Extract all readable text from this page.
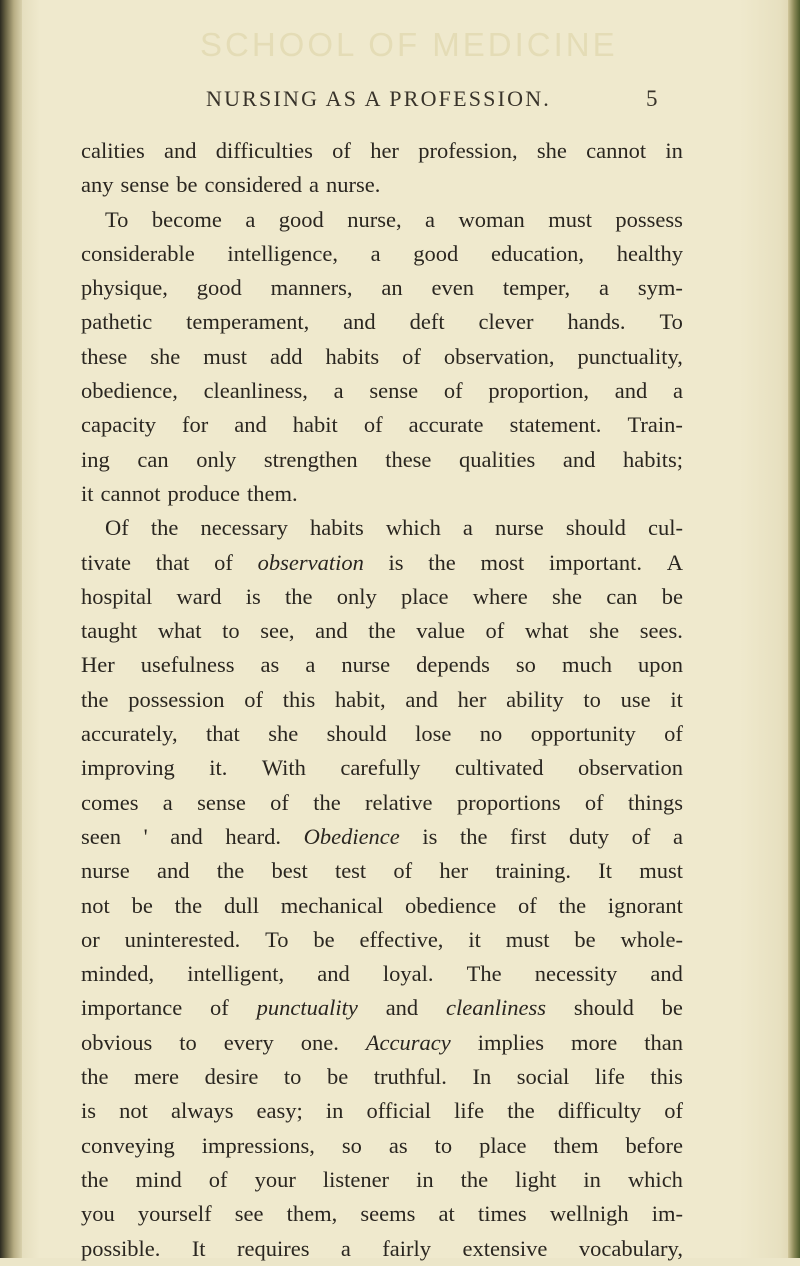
SCHOOL OF MEDICINE
NURSING AS A PROFESSION.	5
calities and difficulties of her profession, she cannot in
any sense be considered a nurse.
To become a good nurse, a woman must possess
considerable intelligence, a good education, healthy
physique, good manners, an even temper, a sym-
pathetic temperament, and deft clever hands. To
these she must add habits of observation, punctuality,
obedience, cleanliness, a sense of proportion, and a
capacity for and habit of accurate statement. Train-
ing can only strengthen these qualities and habits;
it cannot produce them.
Of the necessary habits which a nurse should cul-
tivate that of observation is the most important. A
hospital ward is the only place where she can be
taught what to see, and the value of what she sees.
Her usefulness as a nurse depends so much upon
the possession of this habit, and her ability to use it
accurately, that she should lose no opportunity of
improving it. With carefully cultivated observation
comes a sense of the relative proportions of things
seen ' and heard. Obedience is the first duty of a
nurse and the best test of her training. It must
not be the dull mechanical obedience of the ignorant
or uninterested. To be effective, it must be whole-
minded, intelligent, and loyal. The necessity and
importance of punctuality and cleanliness should be
obvious to every one. Accuracy implies more than
the mere desire to be truthful. In social life this
is not always easy; in official life the difficulty of
conveying impressions, so as to place them before
the mind of your listener in the light in which
you yourself see them, seems at times wellnigh im-
possible. It requires a fairly extensive vocabulary,
